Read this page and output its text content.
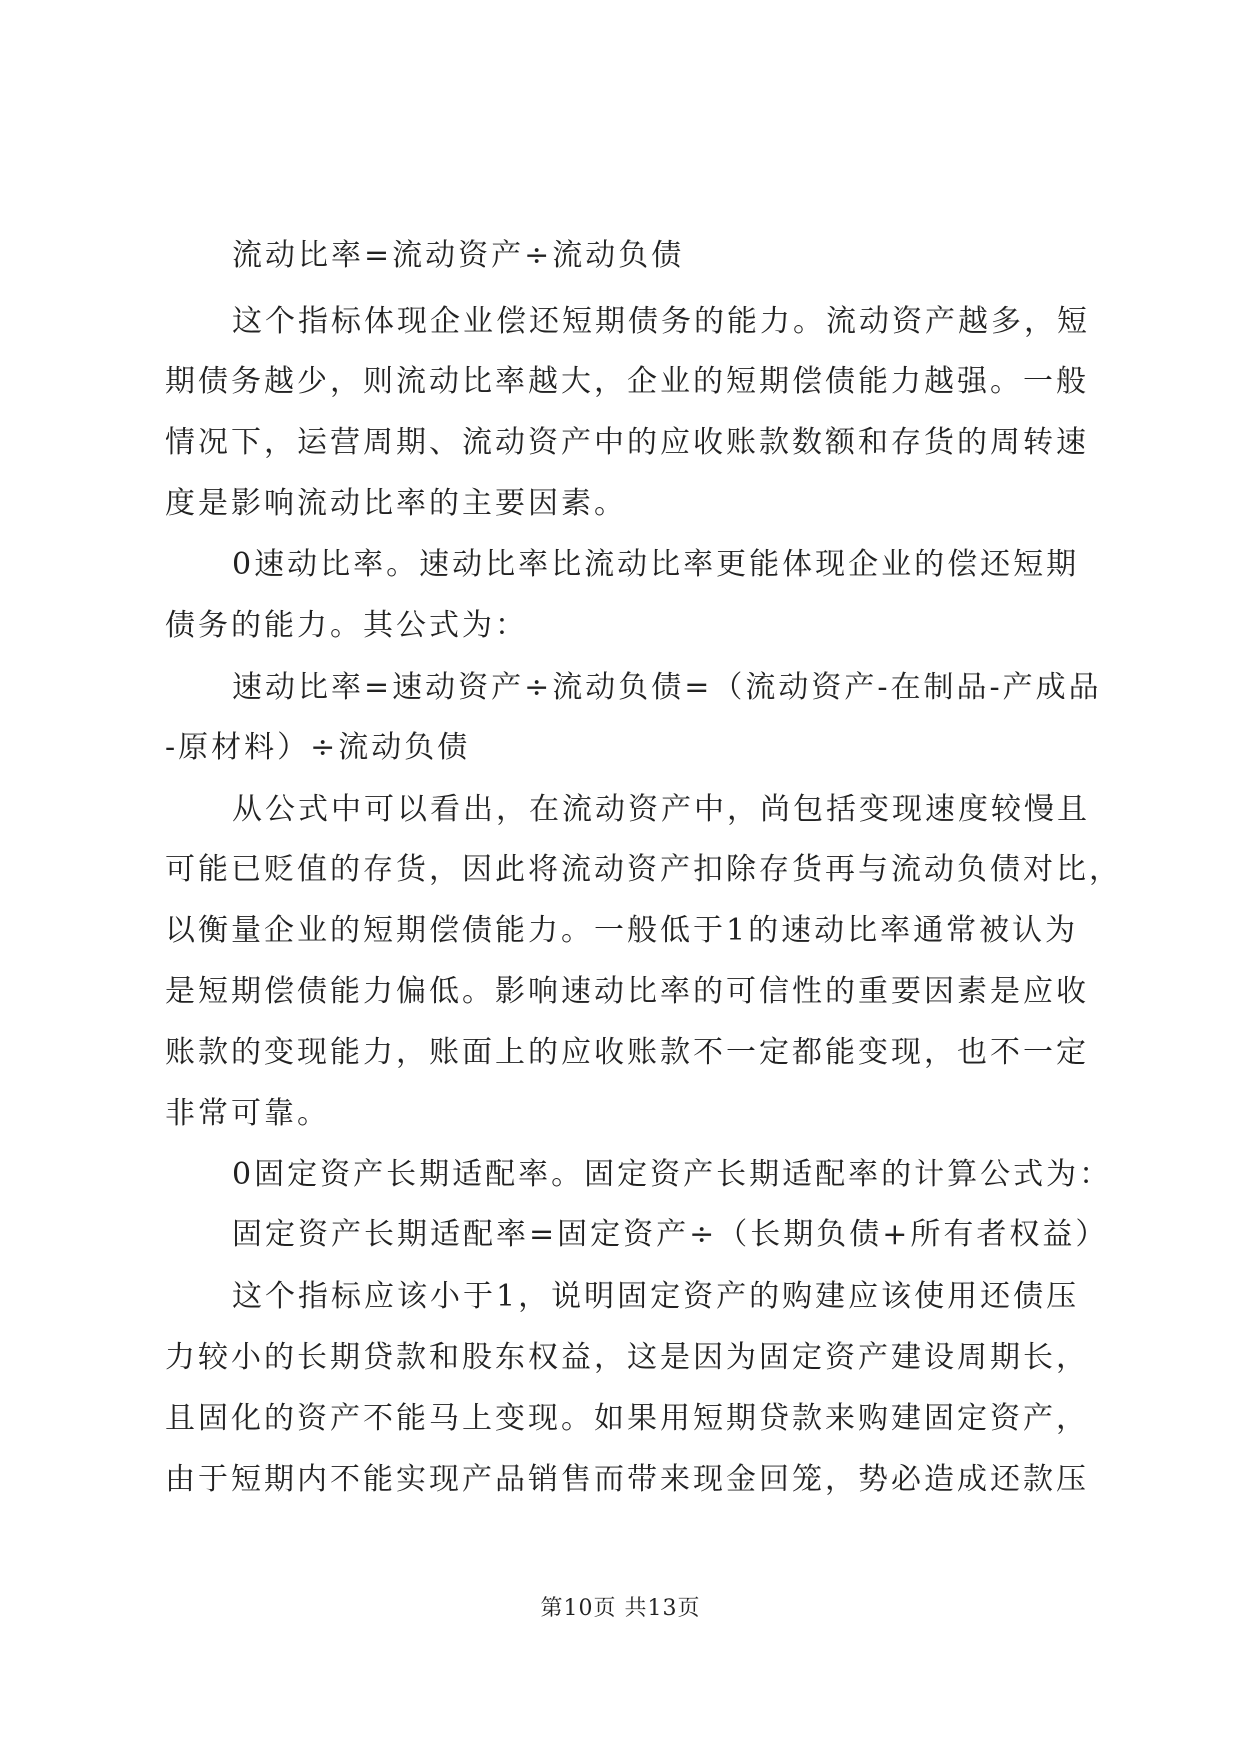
流动比率=流动资产÷流动负债
这个指标体现企业偿还短期债务的能力。流动资产越多，短
期债务越少，则流动比率越大，企业的短期偿债能力越强。一般
情况下，运营周期、流动资产中的应收账款数额和存货的周转速
度是影响流动比率的主要因素。
0速动比率。速动比率比流动比率更能体现企业的偿还短期
债务的能力。其公式为：
速动比率=速动资产÷流动负债=（流动资产-在制品-产成品
-原材料）÷流动负债
从公式中可以看出，在流动资产中，尚包括变现速度较慢且
可能已贬值的存货，因此将流动资产扣除存货再与流动负债对比，
以衡量企业的短期偿债能力。一般低于1的速动比率通常被认为
是短期偿债能力偏低。影响速动比率的可信性的重要因素是应收
账款的变现能力，账面上的应收账款不一定都能变现，也不一定
非常可靠。
0固定资产长期适配率。固定资产长期适配率的计算公式为：
固定资产长期适配率=固定资产÷（长期负债+所有者权益）
这个指标应该小于1，说明固定资产的购建应该使用还债压
力较小的长期贷款和股东权益，这是因为固定资产建设周期长，
且固化的资产不能马上变现。如果用短期贷款来购建固定资产，
由于短期内不能实现产品销售而带来现金回笼，势必造成还款压
第10页 共13页
